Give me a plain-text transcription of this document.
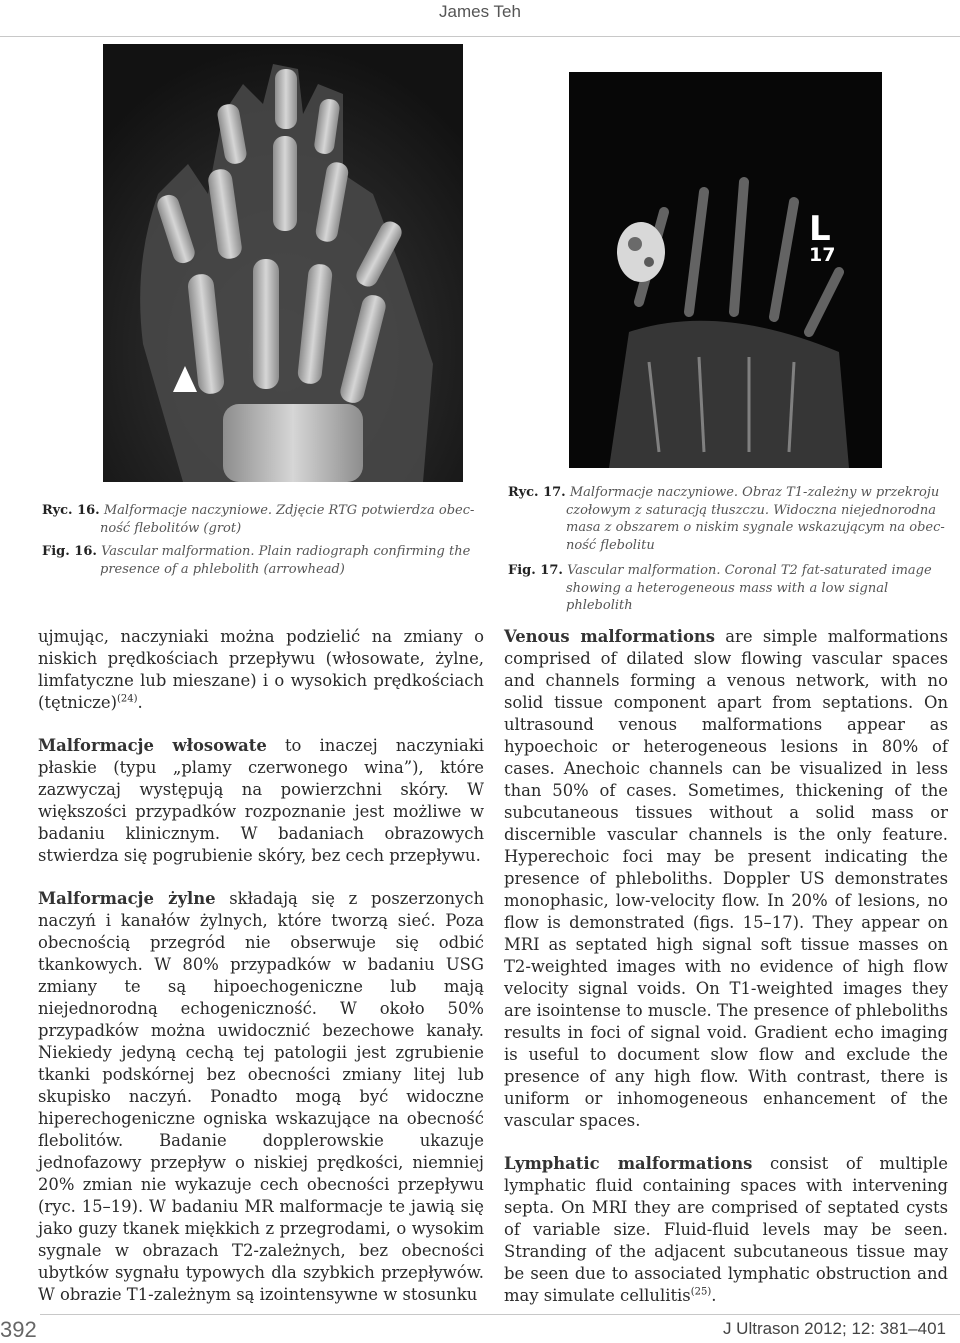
James Teh
L
17
Ryc. 16. Malformacje naczyniowe. Zdjęcie RTG potwierdza obec-
ność flebolitów (grot)
Fig. 16. Vascular malformation. Plain radiograph confirming the
presence of a phlebolith (arrowhead)
Ryc. 17. Malformacje naczyniowe. Obraz T1-zależny w przekroju
czołowym z saturacją tłuszczu. Widoczna niejednorodna
masa z obszarem o niskim sygnale wskazującym na obec-
ność flebolitu
Fig. 17. Vascular malformation. Coronal T2 fat-saturated image
showing a heterogeneous mass with a low signal phlebolith

ujmując, naczyniaki można podzielić na zmiany o niskich prędkościach przepływu (włosowate, żylne, limfatyczne lub mieszane) i o wysokich prędkościach (tętnicze)$^{(24)}$.

Malformacje włosowate to inaczej naczyniaki płaskie (typu „plamy czerwonego wina”), które zazwyczaj występują na powierzchni skóry. W większości przypadków rozpoznanie jest możliwe w badaniu klinicznym. W badaniach obrazowych stwierdza się pogrubienie skóry, bez cech przepływu.

Malformacje żylne składają się z poszerzonych naczyń i kanałów żylnych, które tworzą sieć. Poza obecnością przegród nie obserwuje się odbić tkankowych. W 80% przypadków w badaniu USG zmiany te są hipoechogeniczne lub mają niejednorodną echogeniczność. W około 50% przypadków można uwidocznić bezechowe kanały. Niekiedy jedyną cechą tej patologii jest zgrubienie tkanki podskórnej bez obecności zmiany litej lub skupisko naczyń. Ponadto mogą być widoczne hiperechogeniczne ogniska wskazujące na obecność flebolitów. Badanie dopplerowskie ukazuje jednofazowy przepływ o niskiej prędkości, niemniej 20% zmian nie wykazuje cech obecności przepływu (ryc. 15–19). W badaniu MR malformacje te jawią się jako guzy tkanek miękkich z przegrodami, o wysokim sygnale w obrazach T2-zależnych, bez obecności ubytków sygnału typowych dla szybkich przepływów. W obrazie T1-zależnym są izointensywne w stosunku

Venous malformations are simple malformations comprised of dilated slow flowing vascular spaces and channels forming a venous network, with no solid tissue component apart from septations. On ultrasound venous malformations appear as hypoechoic or heterogeneous lesions in 80% of cases. Anechoic channels can be visualized in less than 50% of cases. Sometimes, thickening of the subcutaneous tissues without a solid mass or discernible vascular channels is the only feature. Hyperechoic foci may be present indicating the presence of phleboliths. Doppler US demonstrates monophasic, low-velocity flow. In 20% of lesions, no flow is demonstrated (figs. 15–17). They appear on MRI as septated high signal soft tissue masses on T2-weighted images with no evidence of high flow velocity signal voids. On T1-weighted images they are isointense to muscle. The presence of phleboliths results in foci of signal void. Gradient echo imaging is useful to document slow flow and exclude the presence of any high flow. With contrast, there is uniform or inhomogeneous enhancement of the vascular spaces.

Lymphatic malformations consist of multiple lymphatic fluid containing spaces with intervening septa. On MRI they are comprised of septated cysts of variable size. Fluid-fluid levels may be seen. Stranding of the adjacent subcutaneous tissue may be seen due to associated lymphatic obstruction and may simulate cellulitis$^{(25)}$.

392	J Ultrason 2012; 12: 381–401
